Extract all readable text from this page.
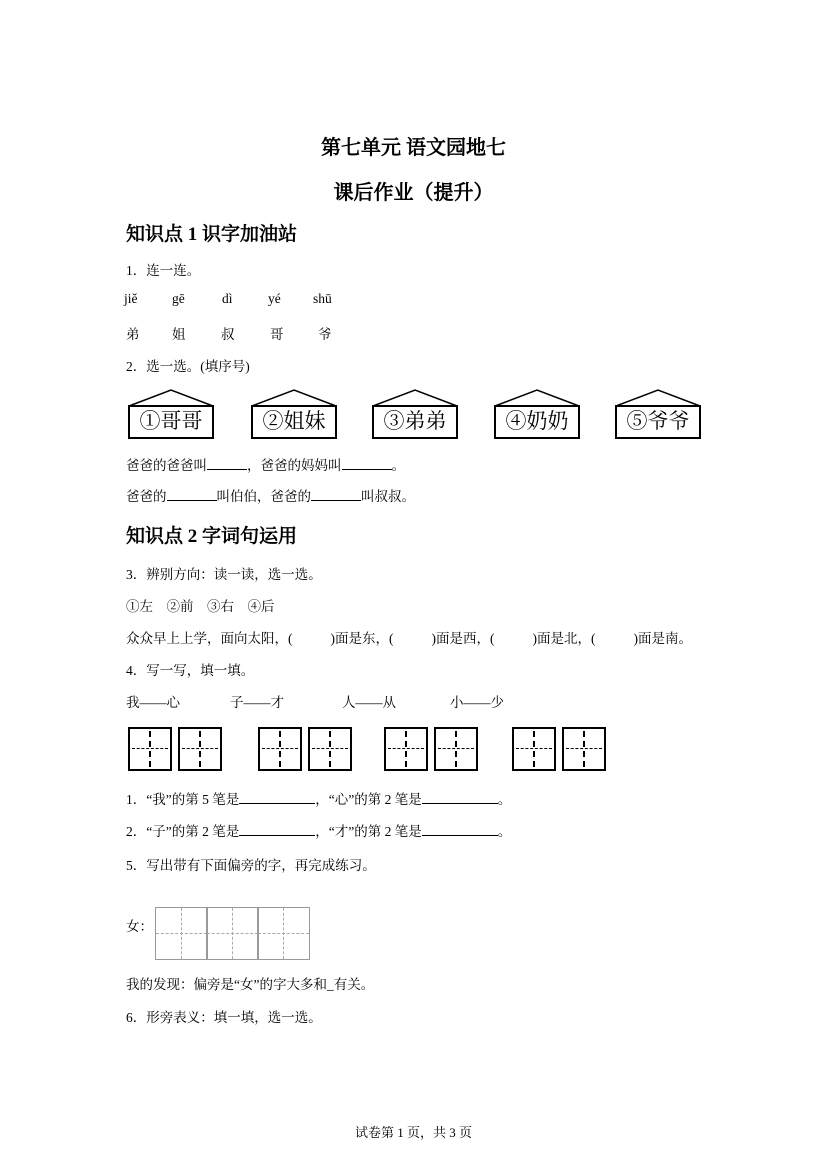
第七单元 语文园地七
课后作业（提升）
知识点 1 识字加油站
1．连一连。
jiě	gē	dì	yé shū
弟 姐	叔	哥	爷
2．选一选。(填序号)
①哥哥	②姐妹	③弟弟	④奶奶	⑤爷爷
爸爸的爸爸叫	，爸爸的妈妈叫	。
爸爸的	叫伯伯，爸爸的	叫叔叔。
知识点 2 字词句运用
3．辨别方向：读一读，选一选。
①左　②前　③右　④后
众众早上上学，面向太阳，(	)面是东，(	)面是西，(	)面是北，(	)面是南。
4．写一写，填一填。
我——心	子——才	人——从	小——少
1．“我”的第 5 笔是	，“心”的第 2 笔是	。
2．“子”的第 2 笔是	，“才”的第 2 笔是	。
5．写出带有下面偏旁的字，再完成练习。
女：
我的发现：偏旁是“女”的字大多和_有关。
6．形旁表义：填一填，选一选。
试卷第 1 页，共 3 页
